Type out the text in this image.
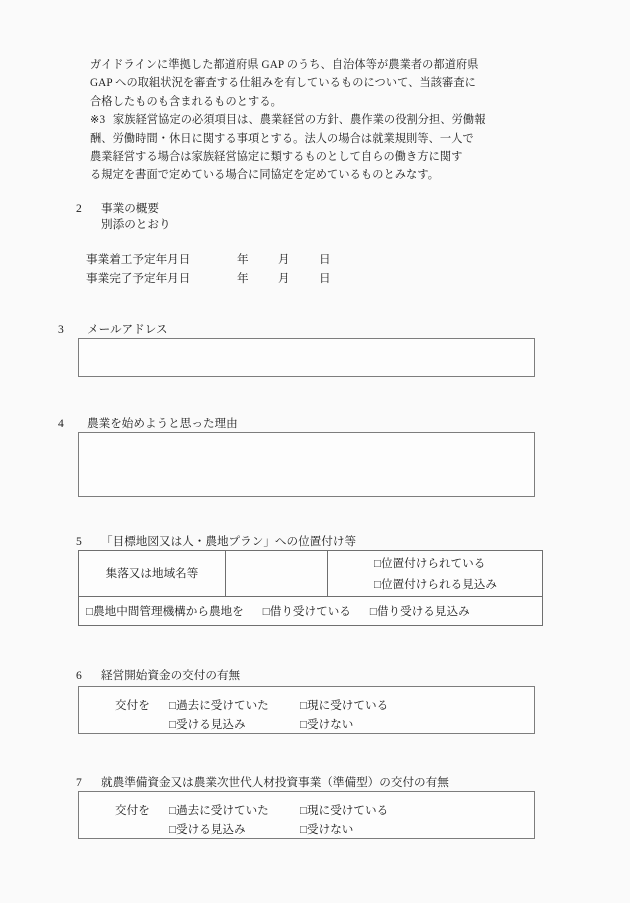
ガイドラインに準拠した都道府県 GAP のうち、自治体等が農業者の都道府県
GAP への取組状況を審査する仕組みを有しているものについて、当該審査に
合格したものも含まれるものとする。
※3 家族経営協定の必須項目は、農業経営の方針、農作業の役割分担、労働報
酬、労働時間・休日に関する事項とする。法人の場合は就業規則等、一人で
農業経営する場合は家族経営協定に類するものとして自らの働き方に関す
る規定を書面で定めている場合に同協定を定めているものとみなす。
2 事業の概要
別添のとおり
事業着工予定年月日	年	月	日
事業完了予定年月日	年	月	日
3 メールアドレス
4 農業を始めようと思った理由
5 「目標地図又は人・農地プラン」への位置付け等
集落又は地域名等
□位置付けられている
□位置付けられる見込み
□農地中間管理機構から農地を □借り受けている □借り受ける見込み
6 経営開始資金の交付の有無
交付を □過去に受けていた	□現に受けている
□受ける見込み	□受けない
7 就農準備資金又は農業次世代人材投資事業（準備型）の交付の有無
交付を □過去に受けていた	□現に受けている
□受ける見込み	□受けない
